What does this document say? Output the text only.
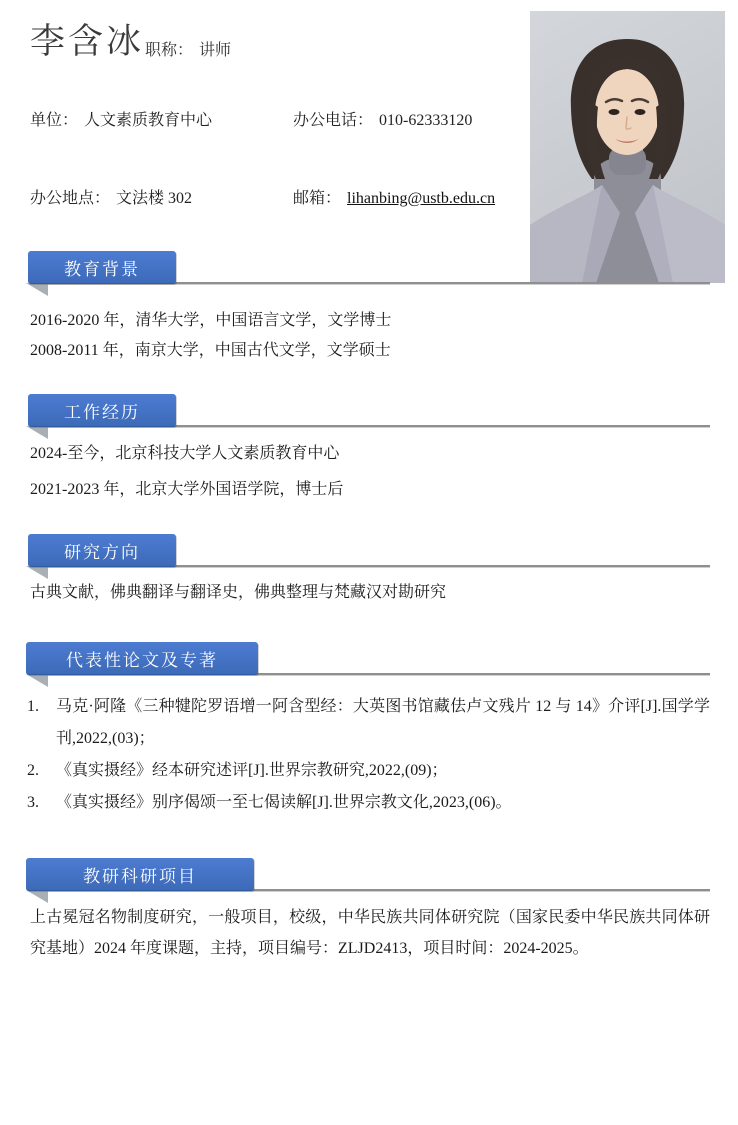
李含冰 职称： 讲师
单位： 人文素质教育中心	办公电话： 010-62333120
办公地点： 文法楼 302	邮箱： lihanbing@ustb.edu.cn
教育背景
2016-2020 年，清华大学，中国语言文学，文学博士
2008-2011 年，南京大学，中国古代文学，文学硕士
工作经历
2024-至今，北京科技大学人文素质教育中心
2021-2023 年，北京大学外国语学院，博士后
研究方向
古典文献，佛典翻译与翻译史，佛典整理与梵藏汉对勘研究
代表性论文及专著
1.	马克·阿隆《三种犍陀罗语增一阿含型经：大英图书馆藏佉卢文残片 12 与 14》介评[J].国学学刊,2022,(03)；
2.	《真实摄经》经本研究述评[J].世界宗教研究,2022,(09)；
3.	《真实摄经》别序偈颂一至七偈读解[J].世界宗教文化,2023,(06)。
教研科研项目
上古冕冠名物制度研究，一般项目，校级，中华民族共同体研究院（国家民委中华民族共同体研究基地）2024 年度课题，主持，项目编号：ZLJD2413，项目时间：2024-2025。
